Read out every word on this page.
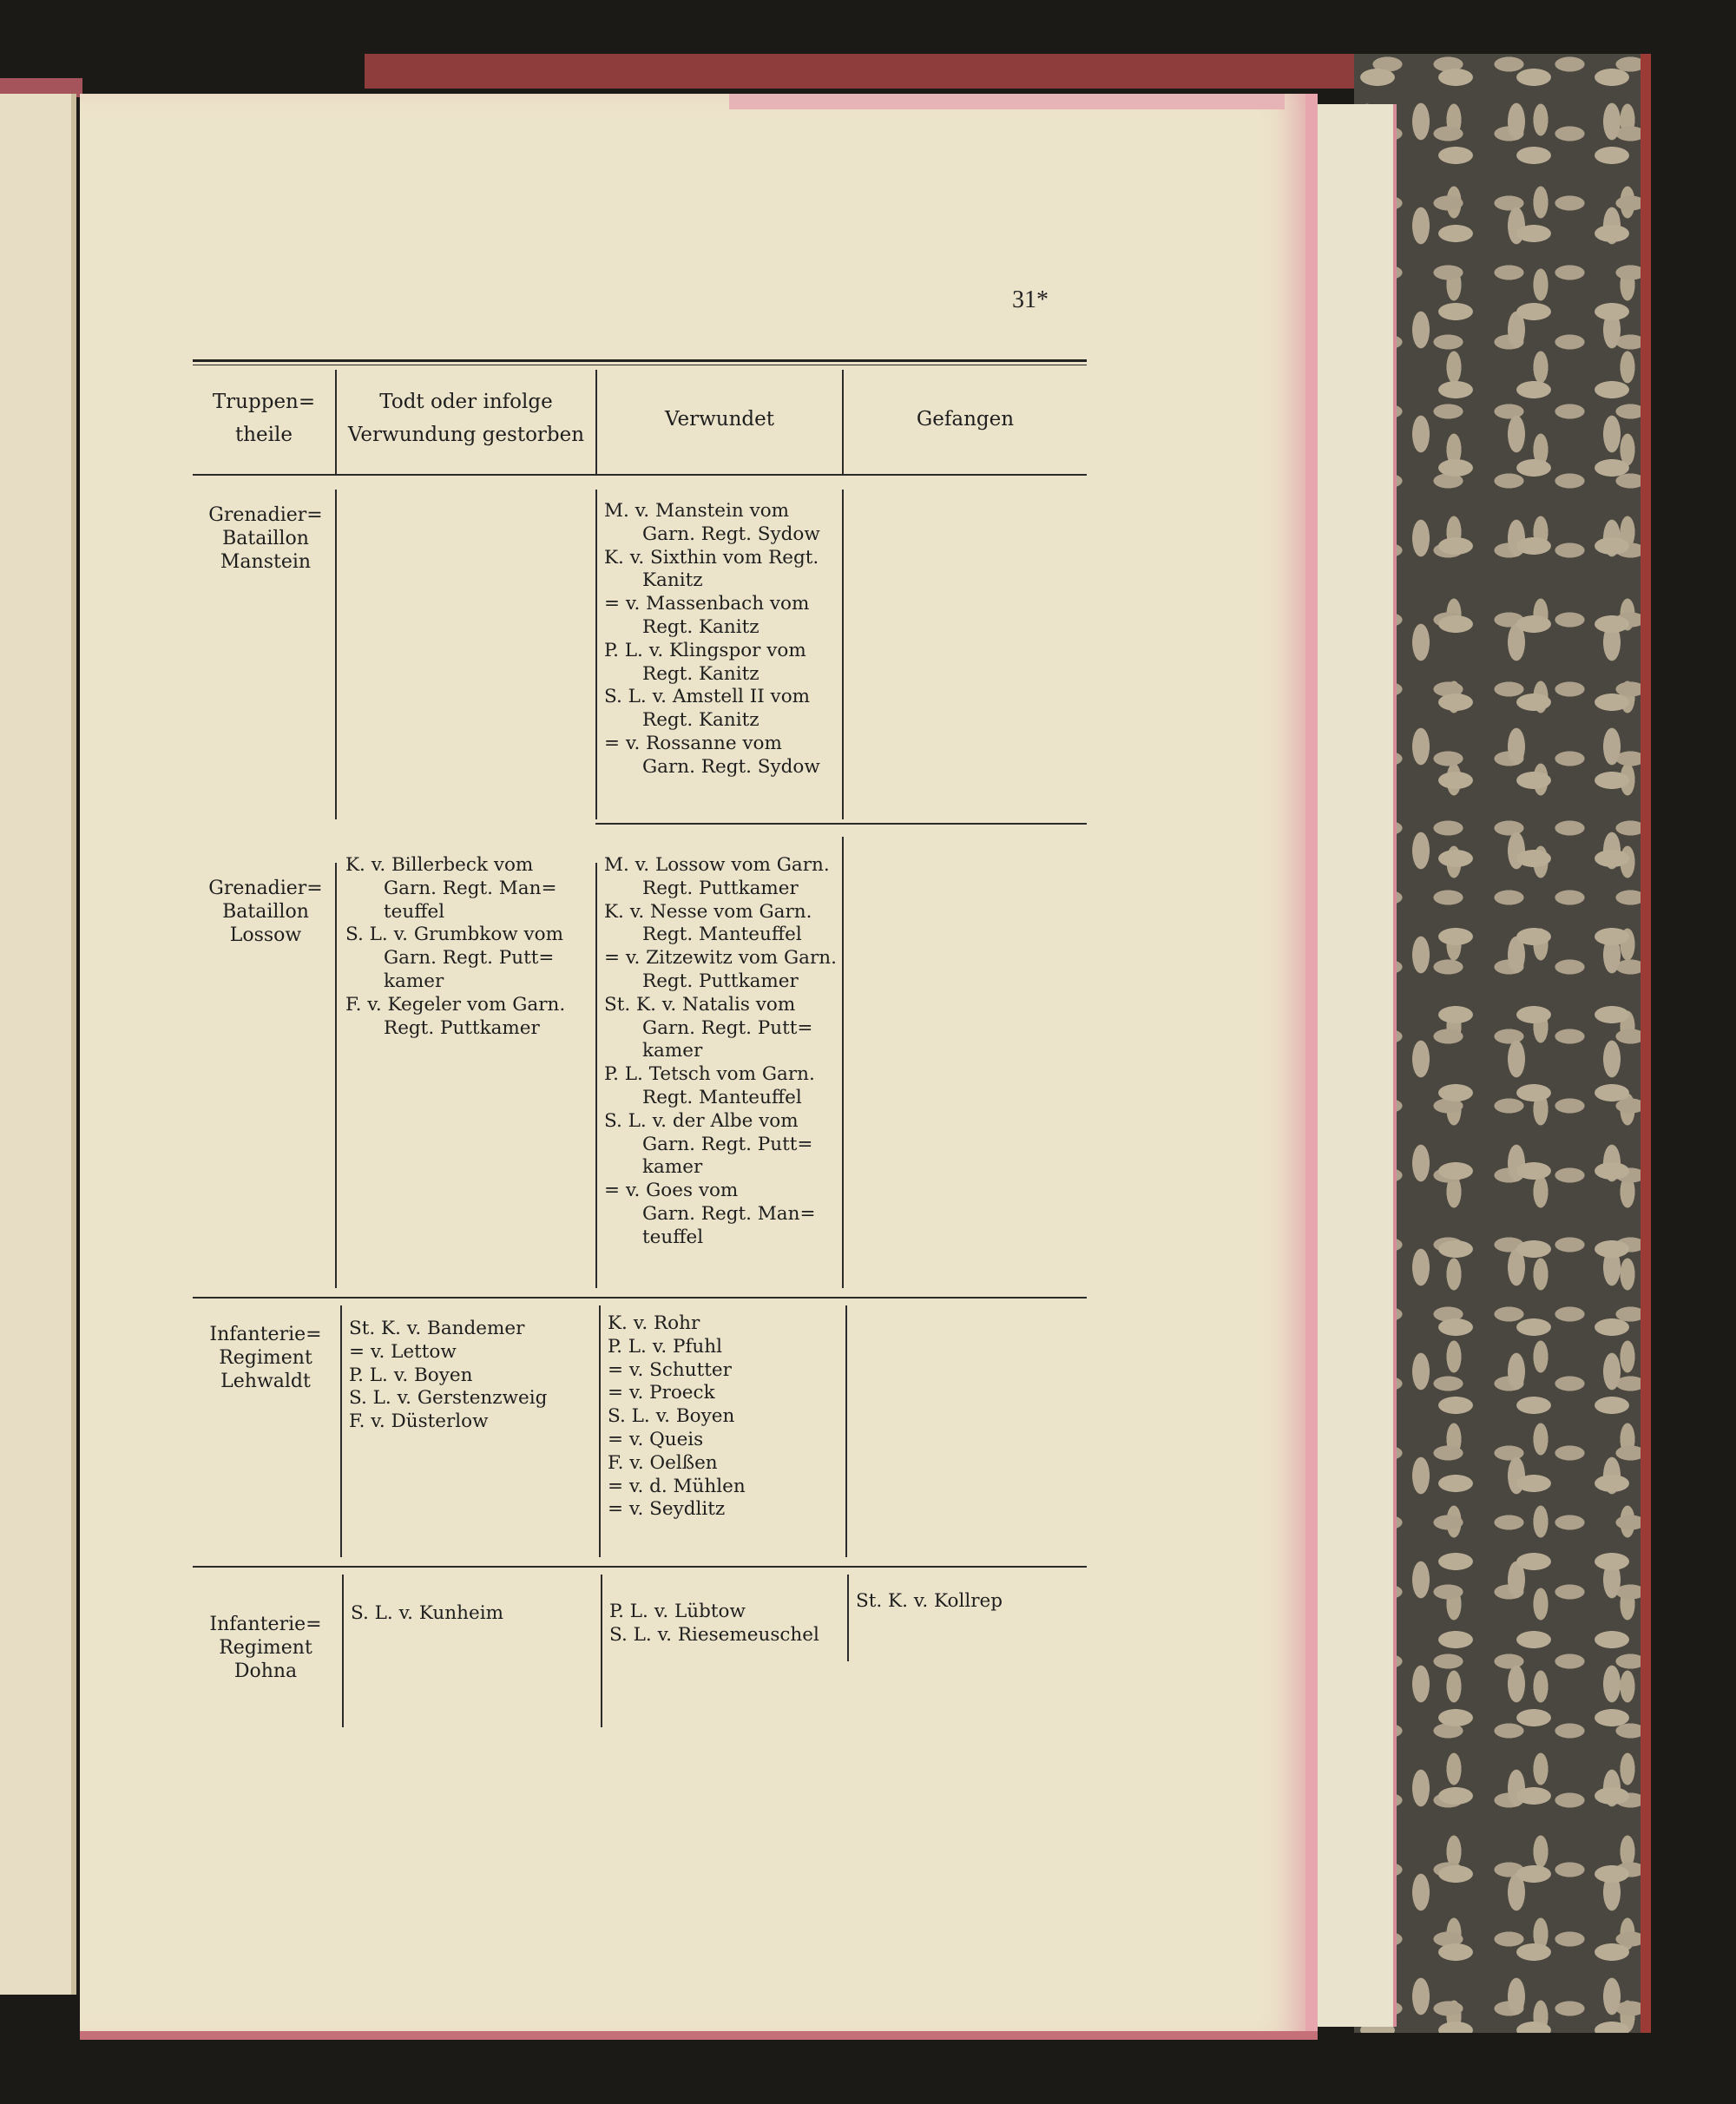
31*
Truppen=
theile
Todt oder infolge
Verwundung gestorben
Verwundet	Gefangen
Grenadier=
Bataillon
Manstein
M. v. Manstein vom
Garn. Regt. Sydow
K. v. Sixthin vom Regt.
Kanitz
= v. Massenbach vom
Regt. Kanitz
P. L. v. Klingspor vom
Regt. Kanitz
S. L. v. Amstell II vom
Regt. Kanitz
= v. Rossanne vom
Garn. Regt. Sydow
Grenadier=
Bataillon
Lossow
K. v. Billerbeck vom
Garn. Regt. Man=
teuffel
S. L. v. Grumbkow vom
Garn. Regt. Putt=
kamer
F. v. Kegeler vom Garn.
Regt. Puttkamer
M. v. Lossow vom Garn.
Regt. Puttkamer
K. v. Nesse vom Garn.
Regt. Manteuffel
= v. Zitzewitz vom Garn.
Regt. Puttkamer
St. K. v. Natalis vom
Garn. Regt. Putt=
kamer
P. L. Tetsch vom Garn.
Regt. Manteuffel
S. L. v. der Albe vom
Garn. Regt. Putt=
kamer
= v. Goes vom
Garn. Regt. Man=
teuffel
Infanterie=
Regiment
Lehwaldt
St. K. v. Bandemer
= v. Lettow
P. L. v. Boyen
S. L. v. Gerstenzweig
F. v. Düsterlow
K. v. Rohr
P. L. v. Pfuhl
= v. Schutter
= v. Proeck
S. L. v. Boyen
= v. Queis
F. v. Oelßen
= v. d. Mühlen
= v. Seydlitz
Infanterie=
Regiment
Dohna
S. L. v. Kunheim	P. L. v. Lübtow
S. L. v. Riesemeuschel
St. K. v. Kollrep
